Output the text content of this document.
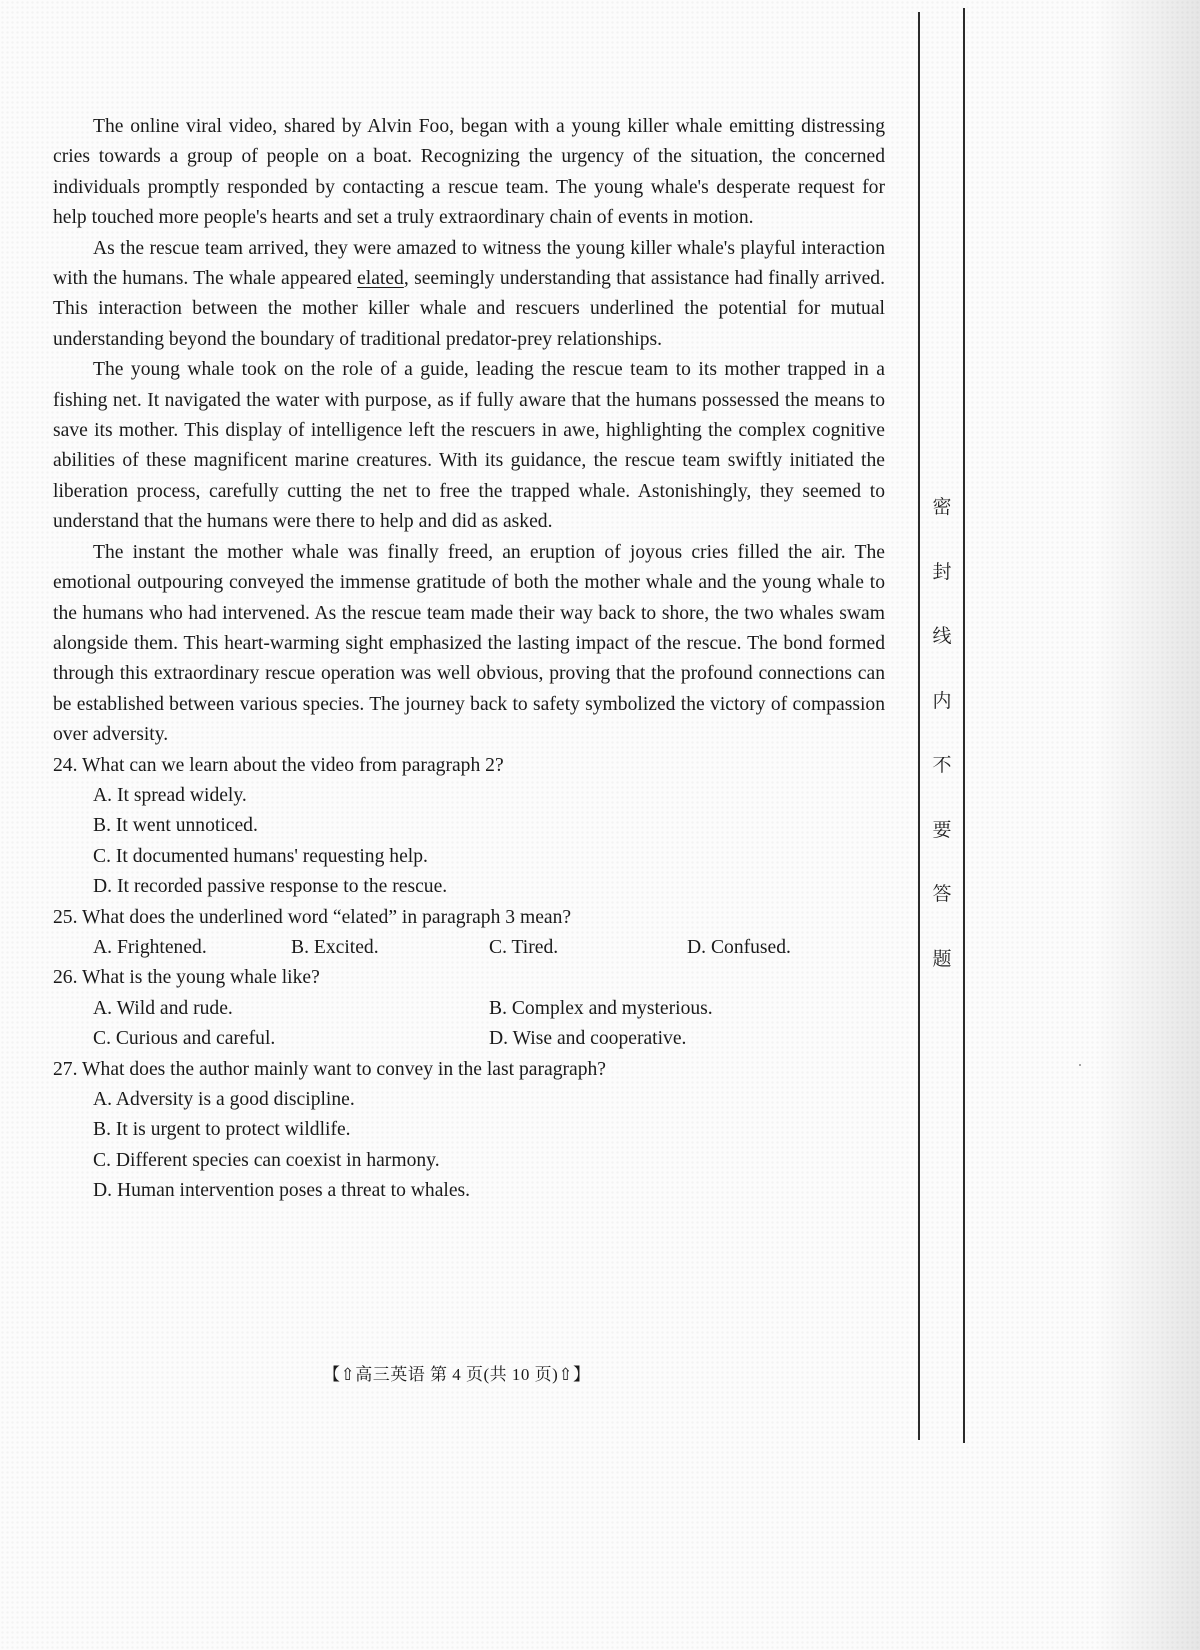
The online viral video, shared by Alvin Foo, began with a young killer whale emitting distressing cries towards a group of people on a boat. Recognizing the urgency of the situation, the concerned individuals promptly responded by contacting a rescue team. The young whale's desperate request for help touched more people's hearts and set a truly extraordinary chain of events in motion.

As the rescue team arrived, they were amazed to witness the young killer whale's playful interaction with the humans. The whale appeared elated, seemingly understanding that assistance had finally arrived. This interaction between the mother killer whale and rescuers underlined the potential for mutual understanding beyond the boundary of traditional predator-prey relationships.

The young whale took on the role of a guide, leading the rescue team to its mother trapped in a fishing net. It navigated the water with purpose, as if fully aware that the humans possessed the means to save its mother. This display of intelligence left the rescuers in awe, highlighting the complex cognitive abilities of these magnificent marine creatures. With its guidance, the rescue team swiftly initiated the liberation process, carefully cutting the net to free the trapped whale. Astonishingly, they seemed to understand that the humans were there to help and did as asked.

The instant the mother whale was finally freed, an eruption of joyous cries filled the air. The emotional outpouring conveyed the immense gratitude of both the mother whale and the young whale to the humans who had intervened. As the rescue team made their way back to shore, the two whales swam alongside them. This heart-warming sight emphasized the lasting impact of the rescue. The bond formed through this extraordinary rescue operation was well obvious, proving that the profound connections can be established between various species. The journey back to safety symbolized the victory of compassion over adversity.

24. What can we learn about the video from paragraph 2?

A. It spread widely.

B. It went unnoticed.

C. It documented humans' requesting help.

D. It recorded passive response to the rescue.

25. What does the underlined word “elated” in paragraph 3 mean?

A. Frightened.	B. Excited.	C. Tired.	D. Confused.

26. What is the young whale like?

A. Wild and rude.	B. Complex and mysterious.
C. Curious and careful.	D. Wise and cooperative.

27. What does the author mainly want to convey in the last paragraph?

A. Adversity is a good discipline.

B. It is urgent to protect wildlife.

C. Different species can coexist in harmony.

D. Human intervention poses a threat to whales.

【⇧高三英语 第 4 页(共 10 页)⇧】
密
封
线
内
不
要
答
题
